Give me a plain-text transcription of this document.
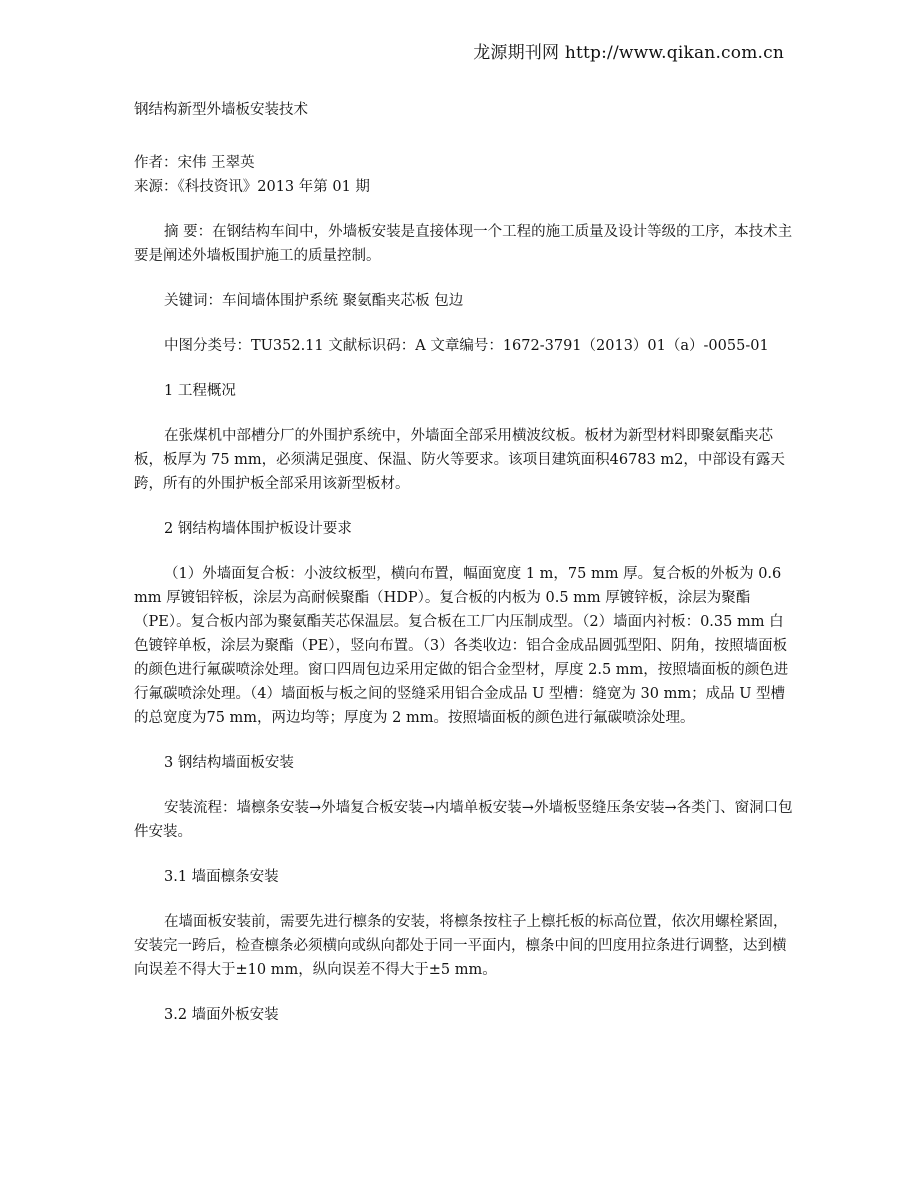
龙源期刊网 http://www.qikan.com.cn

钢结构新型外墙板安装技术

作者：宋伟 王翠英

来源：《科技资讯》2013 年第 01 期

摘 要：在钢结构车间中，外墙板安装是直接体现一个工程的施工质量及设计等级的工序，本技术主要是阐述外墙板围护施工的质量控制。

关键词：车间墙体围护系统 聚氨酯夹芯板 包边

中图分类号：TU352.11 文献标识码：A 文章编号：1672-3791（2013）01（a）-0055-01

1 工程概况

在张煤机中部槽分厂的外围护系统中，外墙面全部采用横波纹板。板材为新型材料即聚氨酯夹芯板，板厚为 75 mm，必须满足强度、保温、防火等要求。该项目建筑面积46783 m2，中部设有露天跨，所有的外围护板全部采用该新型板材。

2 钢结构墙体围护板设计要求

（1）外墙面复合板：小波纹板型，横向布置，幅面宽度 1 m，75 mm 厚。复合板的外板为 0.6 mm 厚镀铝锌板，涂层为高耐候聚酯（HDP）。复合板的内板为 0.5 mm 厚镀锌板，涂层为聚酯（PE）。复合板内部为聚氨酯芙芯保温层。复合板在工厂内压制成型。（2）墙面内衬板：0.35 mm 白色镀锌单板，涂层为聚酯（PE），竖向布置。（3）各类收边：铝合金成品圆弧型阳、阴角，按照墙面板的颜色进行氟碳喷涂处理。窗口四周包边采用定做的铝合金型材，厚度 2.5 mm，按照墙面板的颜色进行氟碳喷涂处理。（4）墙面板与板之间的竖缝采用铝合金成品 U 型槽：缝宽为 30 mm；成品 U 型槽的总宽度为75 mm，两边均等；厚度为 2 mm。按照墙面板的颜色进行氟碳喷涂处理。

3 钢结构墙面板安装

安装流程：墙檩条安装→外墙复合板安装→内墙单板安装→外墙板竖缝压条安装→各类门、窗洞口包件安装。

3.1 墙面檩条安装

在墙面板安装前，需要先进行檩条的安装，将檩条按柱子上檩托板的标高位置，依次用螺栓紧固，安装完一跨后，检查檩条必须横向或纵向都处于同一平面内，檩条中间的凹度用拉条进行调整，达到横向误差不得大于±10 mm，纵向误差不得大于±5 mm。

3.2 墙面外板安装
